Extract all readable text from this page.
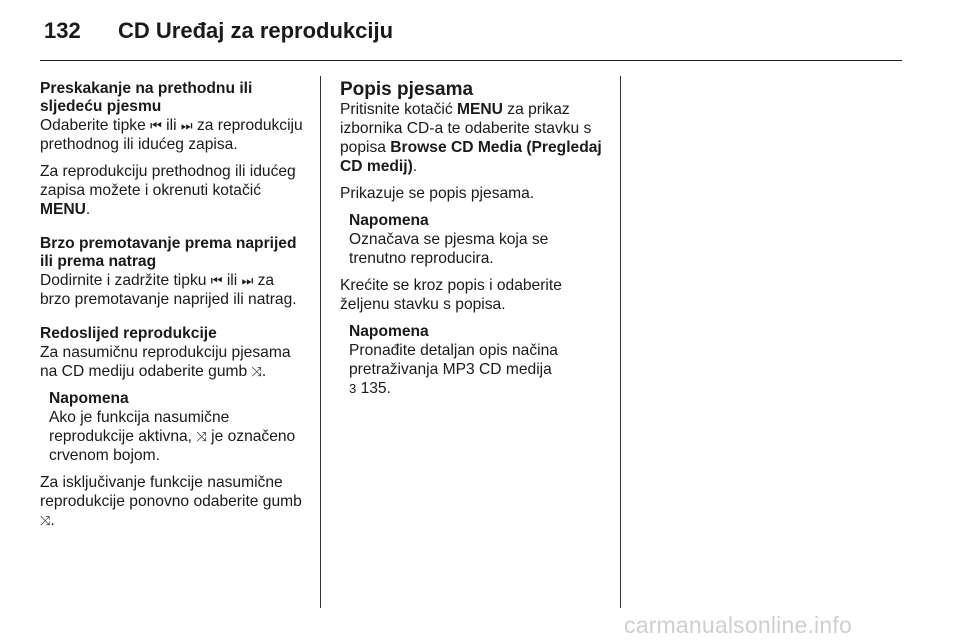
132 CD Uređaj za reprodukciju
Preskakanje na prethodnu ili sljedeću pjesmu

Odaberite tipke ⏮ ili ⏭ za reprodukciju prethodnog ili idućeg zapisa.

Za reprodukciju prethodnog ili idućeg zapisa možete i okrenuti kotačić MENU.

Brzo premotavanje prema naprijed ili prema natrag

Dodirnite i zadržite tipku ⏮ ili ⏭ za brzo premotavanje naprijed ili natrag.

Redoslijed reprodukcije

Za nasumičnu reprodukciju pjesama na CD mediju odaberite gumb ⤨.

Napomena
Ako je funkcija nasumične reprodukcije aktivna, ⤨ je označeno crvenom bojom.

Za isključivanje funkcije nasumične reprodukcije ponovno odaberite gumb ⤨.

Popis pjesama

Pritisnite kotačić MENU za prikaz izbornika CD-a te odaberite stavku s popisa Browse CD Media (Pregledaj CD medij).

Prikazuje se popis pjesama.

Napomena
Označava se pjesma koja se trenutno reproducira.

Krećite se kroz popis i odaberite željenu stavku s popisa.

Napomena
Pronađite detaljan opis načina pretraživanja MP3 CD medija
3 135.
carmanualsonline.info
